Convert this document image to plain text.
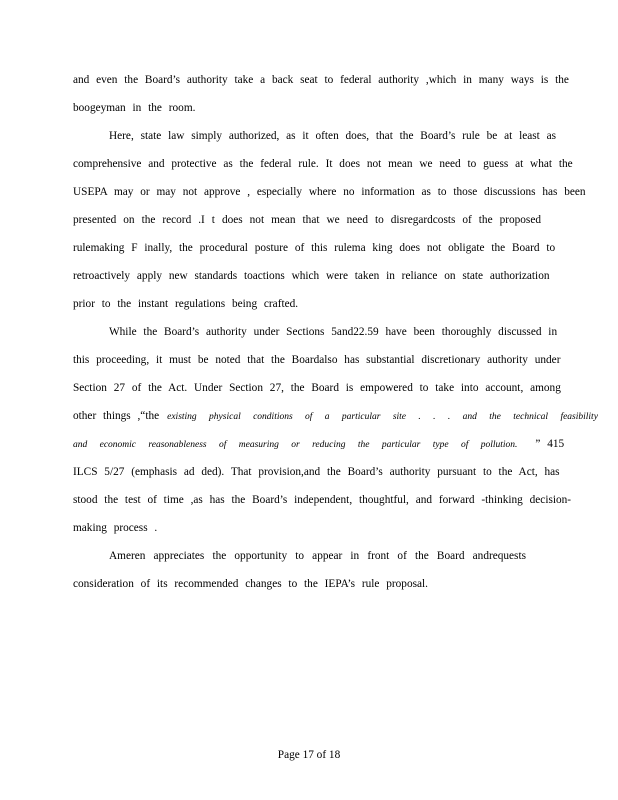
and even the Board’s authority take a back seat to federal authority ,which in many ways is the
boogeyman in the room.
Here, state law simply authorized, as it often does, that the Board’s rule be at least as
comprehensive and protective as the federal rule. It does not mean we need to guess at what the
USEPA may or may not approve , especially where no information as to those discussions has been
presented on the record .I t does not mean that we need to disregardcosts of the proposed
rulemaking F inally, the procedural posture of this rulema king does not obligate the Board to
retroactively apply new standards toactions which were taken in reliance on state authorization
prior to the instant regulations being crafted.
While the Board’s authority under Sections 5and22.59 have been thoroughly discussed in
this proceeding, it must be noted that the Boardalso has substantial discretionary authority under
Section 27 of the Act. Under Section 27, the Board is empowered to take into account, among
other things ,“the existing physical conditions of a particular site . . . and the technical feasibility
and economic reasonableness of measuring or reducing the particular type of pollution. ” 415
ILCS 5/27 (emphasis ad ded). That provision,and the Board’s authority pursuant to the Act, has
stood the test of time ,as has the Board’s independent, thoughtful, and forward -thinking decision-
making process .
Ameren appreciates the opportunity to appear in front of the Board andrequests
consideration of its recommended changes to the IEPA’s rule proposal.
Page 17 of 18
